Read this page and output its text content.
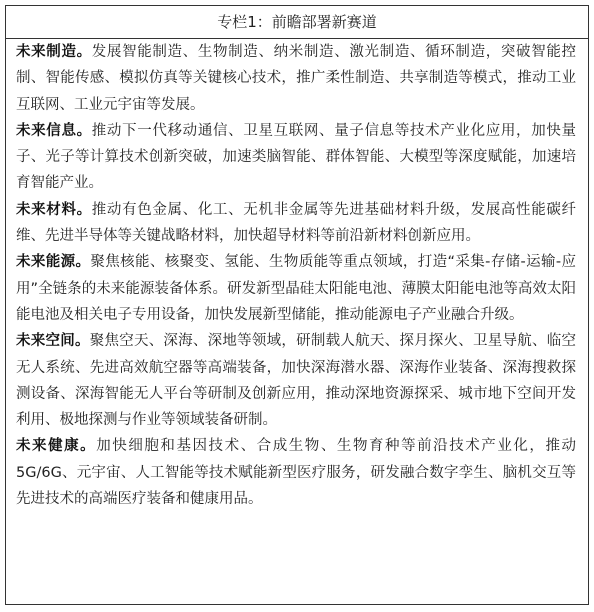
专栏1：前瞻部署新赛道
未来制造。发展智能制造、生物制造、纳米制造、激光制造、循环制造，突破智能控制、智能传感、模拟仿真等关键核心技术，推广柔性制造、共享制造等模式，推动工业互联网、工业元宇宙等发展。
未来信息。推动下一代移动通信、卫星互联网、量子信息等技术产业化应用，加快量子、光子等计算技术创新突破，加速类脑智能、群体智能、大模型等深度赋能，加速培育智能产业。
未来材料。推动有色金属、化工、无机非金属等先进基础材料升级，发展高性能碳纤维、先进半导体等关键战略材料，加快超导材料等前沿新材料创新应用。
未来能源。聚焦核能、核聚变、氢能、生物质能等重点领域，打造“采集-存储-运输-应用”全链条的未来能源装备体系。研发新型晶硅太阳能电池、薄膜太阳能电池等高效太阳能电池及相关电子专用设备，加快发展新型储能，推动能源电子产业融合升级。
未来空间。聚焦空天、深海、深地等领域，研制载人航天、探月探火、卫星导航、临空无人系统、先进高效航空器等高端装备，加快深海潜水器、深海作业装备、深海搜救探测设备、深海智能无人平台等研制及创新应用，推动深地资源探采、城市地下空间开发利用、极地探测与作业等领域装备研制。
未来健康。加快细胞和基因技术、合成生物、生物育种等前沿技术产业化，推动5G/6G、元宇宙、人工智能等技术赋能新型医疗服务，研发融合数字孪生、脑机交互等先进技术的高端医疗装备和健康用品。
